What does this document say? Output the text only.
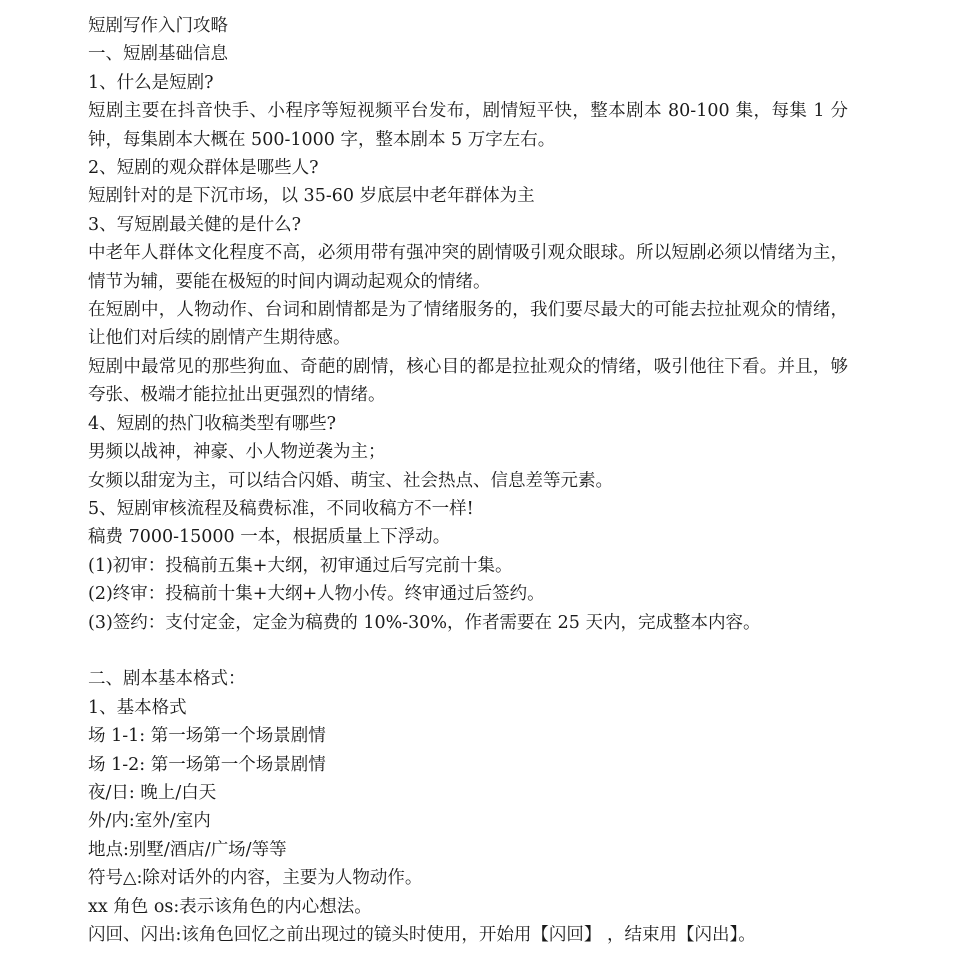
短剧写作入门攻略
一、短剧基础信息
1、什么是短剧?
短剧主要在抖音快手、小程序等短视频平台发布，剧情短平快，整本剧本 80-100 集，每集 1 分钟，每集剧本大概在 500-1000 字，整本剧本 5 万字左右。
2、短剧的观众群体是哪些人?
短剧针对的是下沉市场，以 35-60 岁底层中老年群体为主
3、写短剧最关健的是什么?
中老年人群体文化程度不高，必须用带有强冲突的剧情吸引观众眼球。所以短剧必须以情绪为主，情节为辅，要能在极短的时间内调动起观众的情绪。
在短剧中，人物动作、台词和剧情都是为了情绪服务的，我们要尽最大的可能去拉扯观众的情绪，让他们对后续的剧情产生期待感。
短剧中最常见的那些狗血、奇葩的剧情，核心目的都是拉扯观众的情绪，吸引他往下看。并且，够夸张、极端才能拉扯出更强烈的情绪。
4、短剧的热门收稿类型有哪些?
男频以战神，神豪、小人物逆袭为主；
女频以甜宠为主，可以结合闪婚、萌宝、社会热点、信息差等元素。
5、短剧审核流程及稿费标准，不同收稿方不一样!
稿费 7000-15000 一本，根据质量上下浮动。
(1)初审：投稿前五集+大纲，初审通过后写完前十集。
(2)终审：投稿前十集+大纲+人物小传。终审通过后签约。
(3)签约：支付定金，定金为稿费的 10%-30%，作者需要在 25 天内，完成整本内容。
二、剧本基本格式：
1、基本格式
场 1-1: 第一场第一个场景剧情
场 1-2: 第一场第一个场景剧情
夜/日: 晚上/白天
外/内:室外/室内
地点:别墅/酒店/广场/等等
符号△:除对话外的内容，主要为人物动作。
xx 角色 os:表示该角色的内心想法。
闪回、闪出:该角色回忆之前出现过的镜头时使用，开始用【闪回】 ，结束用【闪出】。
